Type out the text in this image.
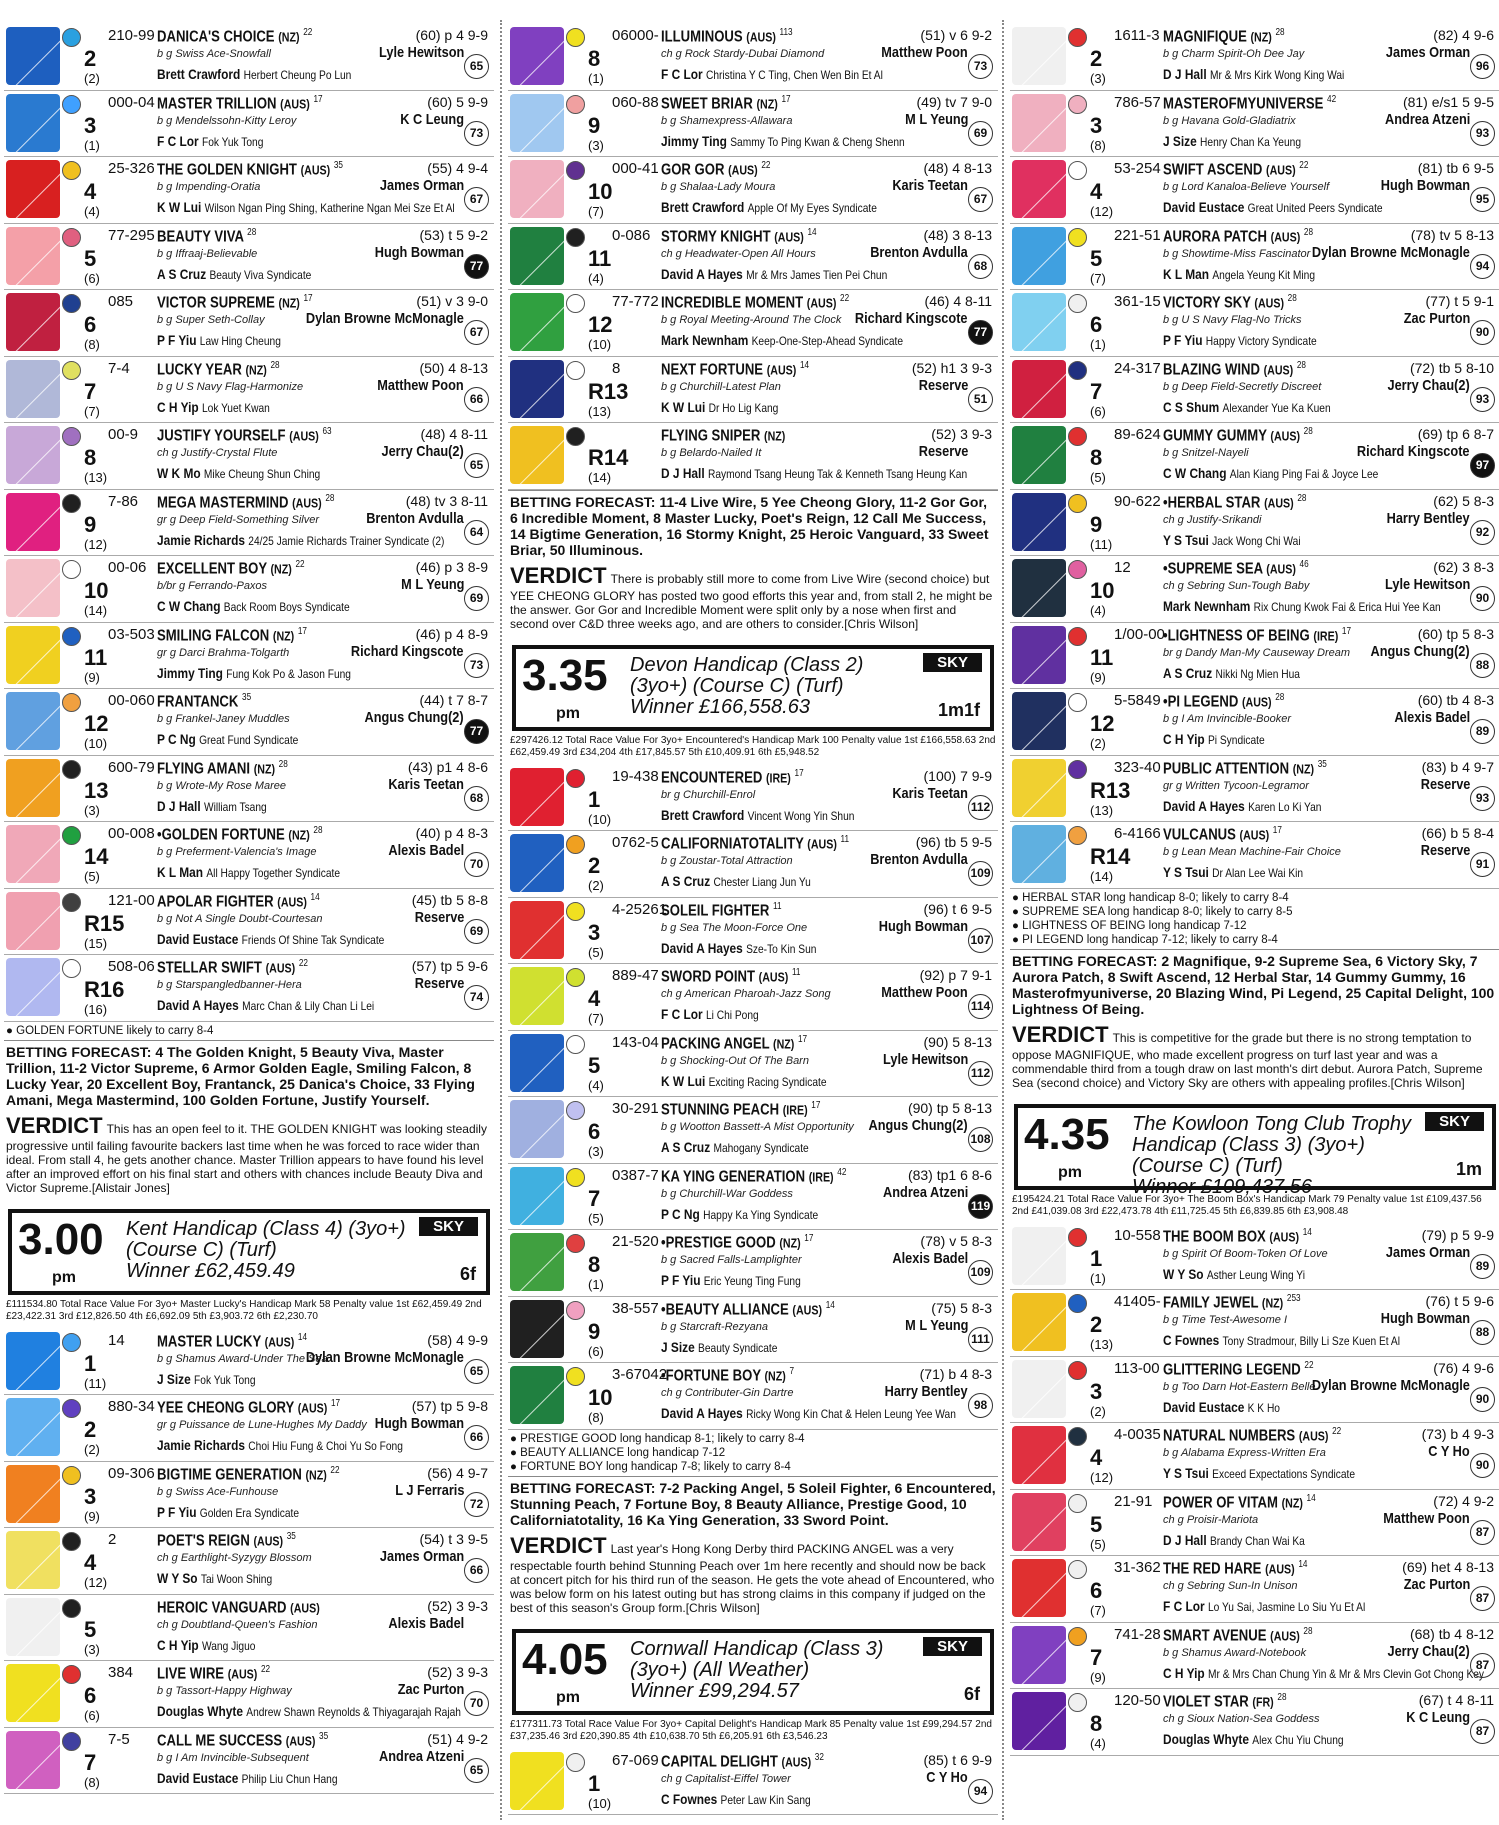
2
(2)
210-99 DANICA'S CHOICE (NZ) $^{22}$
b g Swiss Ace-Snowfall
Brett Crawford Herbert Cheung Po Lun
(60) p 4 9-9
Lyle Hewitson
65
3
(1)
000-04 MASTER TRILLION (AUS) $^{17}$
b g Mendelssohn-Kitty Leroy
F C Lor Fok Yuk Tong
(60) 5 9-9
K C Leung
73
4
(4)
25-326 THE GOLDEN KNIGHT (AUS) $^{35}$
b g Impending-Oratia
K W Lui Wilson Ngan Ping Shing, Katherine Ngan Mei Sze Et Al
(55) 4 9-4
James Orman
67
5
(6)
77-295 BEAUTY VIVA $^{28}$
b g Iffraaj-Believable
A S Cruz Beauty Viva Syndicate
(53) t 5 9-2
Hugh Bowman
77
6
(8)
085 VICTOR SUPREME (NZ) $^{17}$
b g Super Seth-Collay
P F Yiu Law Hing Cheung
(51) v 3 9-0
Dylan Browne McMonagle
67
7
(7)
7-4 LUCKY YEAR (NZ) $^{28}$
b g U S Navy Flag-Harmonize
C H Yip Lok Yuet Kwan
(50) 4 8-13
Matthew Poon
66
8
(13)
00-9 JUSTIFY YOURSELF (AUS) $^{63}$
ch g Justify-Crystal Flute
W K Mo Mike Cheung Shun Ching
(48) 4 8-11
Jerry Chau(2)
65
9
(12)
7-86 MEGA MASTERMIND (AUS) $^{28}$
gr g Deep Field-Something Silver
Jamie Richards 24/25 Jamie Richards Trainer Syndicate (2)
(48) tv 3 8-11
Brenton Avdulla
64
10
(14)
00-06 EXCELLENT BOY (NZ) $^{22}$
b/br g Ferrando-Paxos
C W Chang Back Room Boys Syndicate
(46) p 3 8-9
M L Yeung
69
11
(9)
03-503 SMILING FALCON (NZ) $^{17}$
gr g Darci Brahma-Tolgarth
Jimmy Ting Fung Kok Po & Jason Fung
(46) p 4 8-9
Richard Kingscote
73
12
(10)
00-060 FRANTANCK $^{35}$
b g Frankel-Janey Muddles
P C Ng Great Fund Syndicate
(44) t 7 8-7
Angus Chung(2)
77
13
(3)
600-79 FLYING AMANI (NZ) $^{28}$
b g Wrote-My Rose Maree
D J Hall William Tsang
(43) p1 4 8-6
Karis Teetan
68
14
(5)
00-008 •GOLDEN FORTUNE (NZ) $^{28}$
b g Preferment-Valencia's Image
K L Man All Happy Together Syndicate
(40) p 4 8-3
Alexis Badel
70
R15
(15)
121-00 APOLAR FIGHTER (AUS) $^{14}$
b g Not A Single Doubt-Courtesan
David Eustace Friends Of Shine Tak Syndicate
(45) tb 5 8-8
Reserve
69
R16
(16)
508-06 STELLAR SWIFT (AUS) $^{22}$
b g Starspangledbanner-Hera
David A Hayes Marc Chan & Lily Chan Li Lei
(57) tp 5 9-6
Reserve
74
● GOLDEN FORTUNE likely to carry 8-4
BETTING FORECAST: 4 The Golden Knight, 5 Beauty Viva, Master Trillion, 11-2 Victor Supreme, 6 Armor Golden Eagle, Smiling Falcon, 8 Lucky Year, 20 Excellent Boy, Frantanck, 25 Danica's Choice, 33 Flying Amani, Mega Mastermind, 100 Golden Fortune, Justify Yourself.
VERDICT This has an open feel to it. THE GOLDEN KNIGHT was looking steadily progressive until failing favourite backers last time when he was forced to race wider than ideal. From stall 4, he gets another chance. Master Trillion appears to have found his level after an improved effort on his final start and others with chances include Beauty Diva and Victor Supreme.[Alistair Jones]
3.00
pm
Kent Handicap (Class 4) (3yo+) (Course C) (Turf)
Winner £62,459.49
SKY
6f
£111534.80 Total Race Value For 3yo+ Master Lucky's Handicap Mark 58 Penalty value 1st £62,459.49 2nd £23,422.31 3rd £12,826.50 4th £6,692.09 5th £3,903.72 6th £2,230.70
1
(11)
14 MASTER LUCKY (AUS) $^{14}$
b g Shamus Award-Under The Sea
J Size Fok Yuk Tong
(58) 4 9-9
Dylan Browne McMonagle
65
2
(2)
880-34 YEE CHEONG GLORY (AUS) $^{17}$
gr g Puissance de Lune-Hughes My Daddy
Jamie Richards Choi Hiu Fung & Choi Yu So Fong
(57) tp 5 9-8
Hugh Bowman
66
3
(9)
09-306 BIGTIME GENERATION (NZ) $^{22}$
b g Swiss Ace-Funhouse
P F Yiu Golden Era Syndicate
(56) 4 9-7
L J Ferraris
72
4
(12)
2	POET'S REIGN (AUS) $^{35}$
ch g Earthlight-Syzygy Blossom
W Y So Tai Woon Shing
(54) t 3 9-5
James Orman
66
5
(3)
HEROIC VANGUARD (AUS)
ch g Doubtland-Queen's Fashion
C H Yip Wang Jiguo
(52) 3 9-3
Alexis Badel
6
(6)
384 LIVE WIRE (AUS) $^{22}$
b g Tassort-Happy Highway
Douglas Whyte Andrew Shawn Reynolds & Thiyagarajah Rajah
(52) 3 9-3
Zac Purton
70
7
(8)
7-5 CALL ME SUCCESS (AUS) $^{35}$
b g I Am Invincible-Subsequent
David Eustace Philip Liu Chun Hang
(51) 4 9-2
Andrea Atzeni
65
8
(1)
06000- ILLUMINOUS (AUS) $^{113}$
ch g Rock Stardy-Dubai Diamond
F C Lor Christina Y C Ting, Chen Wen Bin Et Al
(51) v 6 9-2
Matthew Poon
73
9
(3)
060-88 SWEET BRIAR (NZ) $^{17}$
b g Shamexpress-Allawara
Jimmy Ting Sammy To Ping Kwan & Cheng Shenn
(49) tv 7 9-0
M L Yeung
69
10
(7)
000-41 GOR GOR (AUS) $^{22}$
b g Shalaa-Lady Moura
Brett Crawford Apple Of My Eyes Syndicate
(48) 4 8-13
Karis Teetan
67
11
(4)
0-086 STORMY KNIGHT (AUS) $^{14}$
ch g Headwater-Open All Hours
David A Hayes Mr & Mrs James Tien Pei Chun
(48) 3 8-13
Brenton Avdulla
68
12
(10)
77-772 INCREDIBLE MOMENT (AUS) $^{22}$
b g Royal Meeting-Around The Clock
Mark Newnham Keep-One-Step-Ahead Syndicate
(46) 4 8-11
Richard Kingscote
77
R13
(13)
8	NEXT FORTUNE (AUS) $^{14}$
b g Churchill-Latest Plan
K W Lui Dr Ho Lig Kang
(52) h1 3 9-3
Reserve
51
R14
(14)
FLYING SNIPER (NZ)
b g Belardo-Nailed It
D J Hall Raymond Tsang Heung Tak & Kenneth Tsang Heung Kan
(52) 3 9-3
Reserve
BETTING FORECAST: 11-4 Live Wire, 5 Yee Cheong Glory, 11-2 Gor Gor, 6 Incredible Moment, 8 Master Lucky, Poet's Reign, 12 Call Me Success, 14 Bigtime Generation, 16 Stormy Knight, 25 Heroic Vanguard, 33 Sweet Briar, 50 Illuminous.
VERDICT There is probably still more to come from Live Wire (second choice) but YEE CHEONG GLORY has posted two good efforts this year and, from stall 2, he might be the answer. Gor Gor and Incredible Moment were split only by a nose when first and second over C&D three weeks ago, and are others to consider.[Chris Wilson]
3.35
pm
Devon Handicap (Class 2) (3yo+) (Course C) (Turf)
Winner £166,558.63
SKY
1m1f
£297426.12 Total Race Value For 3yo+ Encountered's Handicap Mark 100 Penalty value 1st £166,558.63 2nd £62,459.49 3rd £34,204 4th £17,845.57 5th £10,409.91 6th £5,948.52
1
(10)
19-438 ENCOUNTERED (IRE) $^{17}$
br g Churchill-Enrol
Brett Crawford Vincent Wong Yin Shun
(100) 7 9-9
Karis Teetan
112
2
(2)
0762-5 CALIFORNIATOTALITY (AUS) $^{11}$
b g Zoustar-Total Attraction
A S Cruz Chester Liang Jun Yu
(96) tb 5 9-5
Brenton Avdulla
109
3
(5)
4-25261
SOLEIL FIGHTER $^{11}$
b g Sea The Moon-Force One
David A Hayes Sze-To Kin Sun
(96) t 6 9-5
Hugh Bowman
107
4
(7)
889-47 SWORD POINT (AUS) $^{11}$
ch g American Pharoah-Jazz Song
F C Lor Li Chi Pong
(92) p 7 9-1
Matthew Poon
114
5
(4)
143-04 PACKING ANGEL (NZ) $^{17}$
b g Shocking-Out Of The Barn
K W Lui Exciting Racing Syndicate
(90) 5 8-13
Lyle Hewitson
112
6
(3)
30-291 STUNNING PEACH (IRE) $^{17}$
b g Wootton Bassett-A Mist Opportunity
A S Cruz Mahogany Syndicate
(90) tp 5 8-13
Angus Chung(2)
108
7
(5)
0387-7 KA YING GENERATION (IRE) $^{42}$
b g Churchill-War Goddess
P C Ng Happy Ka Ying Syndicate
(83) tp1 6 8-6
Andrea Atzeni
119
8
(1)
21-520 •PRESTIGE GOOD (NZ) $^{17}$
b g Sacred Falls-Lamplighter
P F Yiu Eric Yeung Ting Fung
(78) v 5 8-3
Alexis Badel
109
9
(6)
38-557 •BEAUTY ALLIANCE (AUS) $^{14}$
b g Starcraft-Rezyana
J Size Beauty Syndicate
(75) 5 8-3
M L Yeung
111
10
(8)
3-67042
•FORTUNE BOY (NZ) $^7$
ch g Contributer-Gin Dartre
David A Hayes Ricky Wong Kin Chat & Helen Leung Yee Wan
(71) b 4 8-3
Harry Bentley
98
● PRESTIGE GOOD long handicap 8-1; likely to carry 8-4
● BEAUTY ALLIANCE long handicap 7-12
● FORTUNE BOY long handicap 7-8; likely to carry 8-4
BETTING FORECAST: 7-2 Packing Angel, 5 Soleil Fighter, 6 Encountered, Stunning Peach, 7 Fortune Boy, 8 Beauty Alliance, Prestige Good, 10 Californiatotality, 16 Ka Ying Generation, 33 Sword Point.
VERDICT Last year's Hong Kong Derby third PACKING ANGEL was a very respectable fourth behind Stunning Peach over 1m here recently and should now be back at concert pitch for his third run of the season. He gets the vote ahead of Encountered, who was below form on his latest outing but has strong claims in this company if judged on the best of this season's Group form.[Chris Wilson]
4.05
pm
Cornwall Handicap (Class 3) (3yo+) (All Weather)
Winner £99,294.57
SKY
6f
£177311.73 Total Race Value For 3yo+ Capital Delight's Handicap Mark 85 Penalty value 1st £99,294.57 2nd £37,235.46 3rd £20,390.85 4th £10,638.70 5th £6,205.91 6th £3,546.23
1
(10)
67-069 CAPITAL DELIGHT (AUS) $^{32}$
ch g Capitalist-Eiffel Tower
C Fownes Peter Law Kin Sang
(85) t 6 9-9
C Y Ho
94
2
(3)
1611-3 MAGNIFIQUE (NZ) $^{28}$
b g Charm Spirit-Oh Dee Jay
D J Hall Mr & Mrs Kirk Wong King Wai
(82) 4 9-6
James Orman
96
3
(8)
786-57 MASTEROFMYUNIVERSE $^{42}$
b g Havana Gold-Gladiatrix
J Size Henry Chan Ka Yeung
(81) e/s1 5 9-5
Andrea Atzeni
93
4
(12)
53-254 SWIFT ASCEND (AUS) $^{22}$
b g Lord Kanaloa-Believe Yourself
David Eustace Great United Peers Syndicate
(81) tb 6 9-5
Hugh Bowman
95
5
(7)
221-51 AURORA PATCH (AUS) $^{28}$
b g Showtime-Miss Fascinator
K L Man Angela Yeung Kit Ming
(78) tv 5 8-13
Dylan Browne McMonagle
94
6
(1)
361-15 VICTORY SKY (AUS) $^{28}$
b g U S Navy Flag-No Tricks
P F Yiu Happy Victory Syndicate
(77) t 5 9-1
Zac Purton
90
7
(6)
24-317 BLAZING WIND (AUS) $^{28}$
b g Deep Field-Secretly Discreet
C S Shum Alexander Yue Ka Kuen
(72) tb 5 8-10
Jerry Chau(2)
93
8
(5)
89-624 GUMMY GUMMY (AUS) $^{28}$
b g Snitzel-Nayeli
C W Chang Alan Kiang Ping Fai & Joyce Lee
(69) tp 6 8-7
Richard Kingscote
97
9
(11)
90-622 •HERBAL STAR (AUS) $^{28}$
ch g Justify-Srikandi
Y S Tsui Jack Wong Chi Wai
(62) 5 8-3
Harry Bentley
92
10
(4)
12 •SUPREME SEA (AUS) $^{46}$
ch g Sebring Sun-Tough Baby
Mark Newnham Rix Chung Kwok Fai & Erica Hui Yee Kan
(62) 3 8-3
Lyle Hewitson
90
11
(9)
1/00-00
•LIGHTNESS OF BEING (IRE) $^{17}$
br g Dandy Man-My Causeway Dream
A S Cruz Nikki Ng Mien Hua
(60) tp 5 8-3
Angus Chung(2)
88
12
(2)
5-5849 •PI LEGEND (AUS) $^{28}$
b g I Am Invincible-Booker
C H Yip Pi Syndicate
(60) tb 4 8-3
Alexis Badel
89
R13
(13)
323-40 PUBLIC ATTENTION (NZ) $^{35}$
gr g Written Tycoon-Legramor
David A Hayes Karen Lo Ki Yan
(83) b 4 9-7
Reserve
93
R14
(14)
6-4166 VULCANUS (AUS) $^{17}$
b g Lean Mean Machine-Fair Choice
Y S Tsui Dr Alan Lee Wai Kin
(66) b 5 8-4
Reserve
91
● HERBAL STAR long handicap 8-0; likely to carry 8-4
● SUPREME SEA long handicap 8-0; likely to carry 8-5
● LIGHTNESS OF BEING long handicap 7-12
● PI LEGEND long handicap 7-12; likely to carry 8-4
BETTING FORECAST: 2 Magnifique, 9-2 Supreme Sea, 6 Victory Sky, 7 Aurora Patch, 8 Swift Ascend, 12 Herbal Star, 14 Gummy Gummy, 16 Masterofmyuniverse, 20 Blazing Wind, Pi Legend, 25 Capital Delight, 100 Lightness Of Being.
VERDICT This is competitive for the grade but there is no strong temptation to oppose MAGNIFIQUE, who made excellent progress on turf last year and was a commendable third from a tough draw on last month's dirt debut. Aurora Patch, Supreme Sea (second choice) and Victory Sky are others with appealing profiles.[Chris Wilson]
4.35
pm
The Kowloon Tong Club Trophy Handicap (Class 3) (3yo+) (Course C) (Turf)
Winner £109,437.56
SKY
1m
£195424.21 Total Race Value For 3yo+ The Boom Box's Handicap Mark 79 Penalty value 1st £109,437.56 2nd £41,039.08 3rd £22,473.78 4th £11,725.45 5th £6,839.85 6th £3,908.48
1
(1)
10-558 THE BOOM BOX (AUS) $^{14}$
b g Spirit Of Boom-Token Of Love
W Y So Asther Leung Wing Yi
(79) p 5 9-9
James Orman
89
2
(13)
41405- FAMILY JEWEL (NZ) $^{253}$
b g Time Test-Awesome I
C Fownes Tony Stradmour, Billy Li Sze Kuen Et Al
(76) t 5 9-6
Hugh Bowman
88
3
(2)
113-00 GLITTERING LEGEND $^{22}$
b g Too Darn Hot-Eastern Belle
David Eustace K K Ho
(76) 4 9-6
Dylan Browne McMonagle
90
4
(12)
4-0035 NATURAL NUMBERS (AUS) $^{22}$
b g Alabama Express-Written Era
Y S Tsui Exceed Expectations Syndicate
(73) b 4 9-3
C Y Ho
90
5
(5)
21-91 POWER OF VITAM (NZ) $^{14}$
ch g Proisir-Mariota
D J Hall Brandy Chan Wai Ka
(72) 4 9-2
Matthew Poon
87
6
(7)
31-362 THE RED HARE (AUS) $^{14}$
ch g Sebring Sun-In Unison
F C Lor Lo Yu Sai, Jasmine Lo Siu Yu Et Al
(69) het 4 8-13
Zac Purton
87
7
(9)
741-28 SMART AVENUE (AUS) $^{28}$
b g Shamus Award-Notebook
C H Yip Mr & Mrs Chan Chung Yin & Mr & Mrs Clevin Got Chong Key
(68) tb 4 8-12
Jerry Chau(2)
87
8
(4)
120-50 VIOLET STAR (FR) $^{28}$
ch g Sioux Nation-Sea Goddess
Douglas Whyte Alex Chu Yiu Chung
(67) t 4 8-11
K C Leung
87
